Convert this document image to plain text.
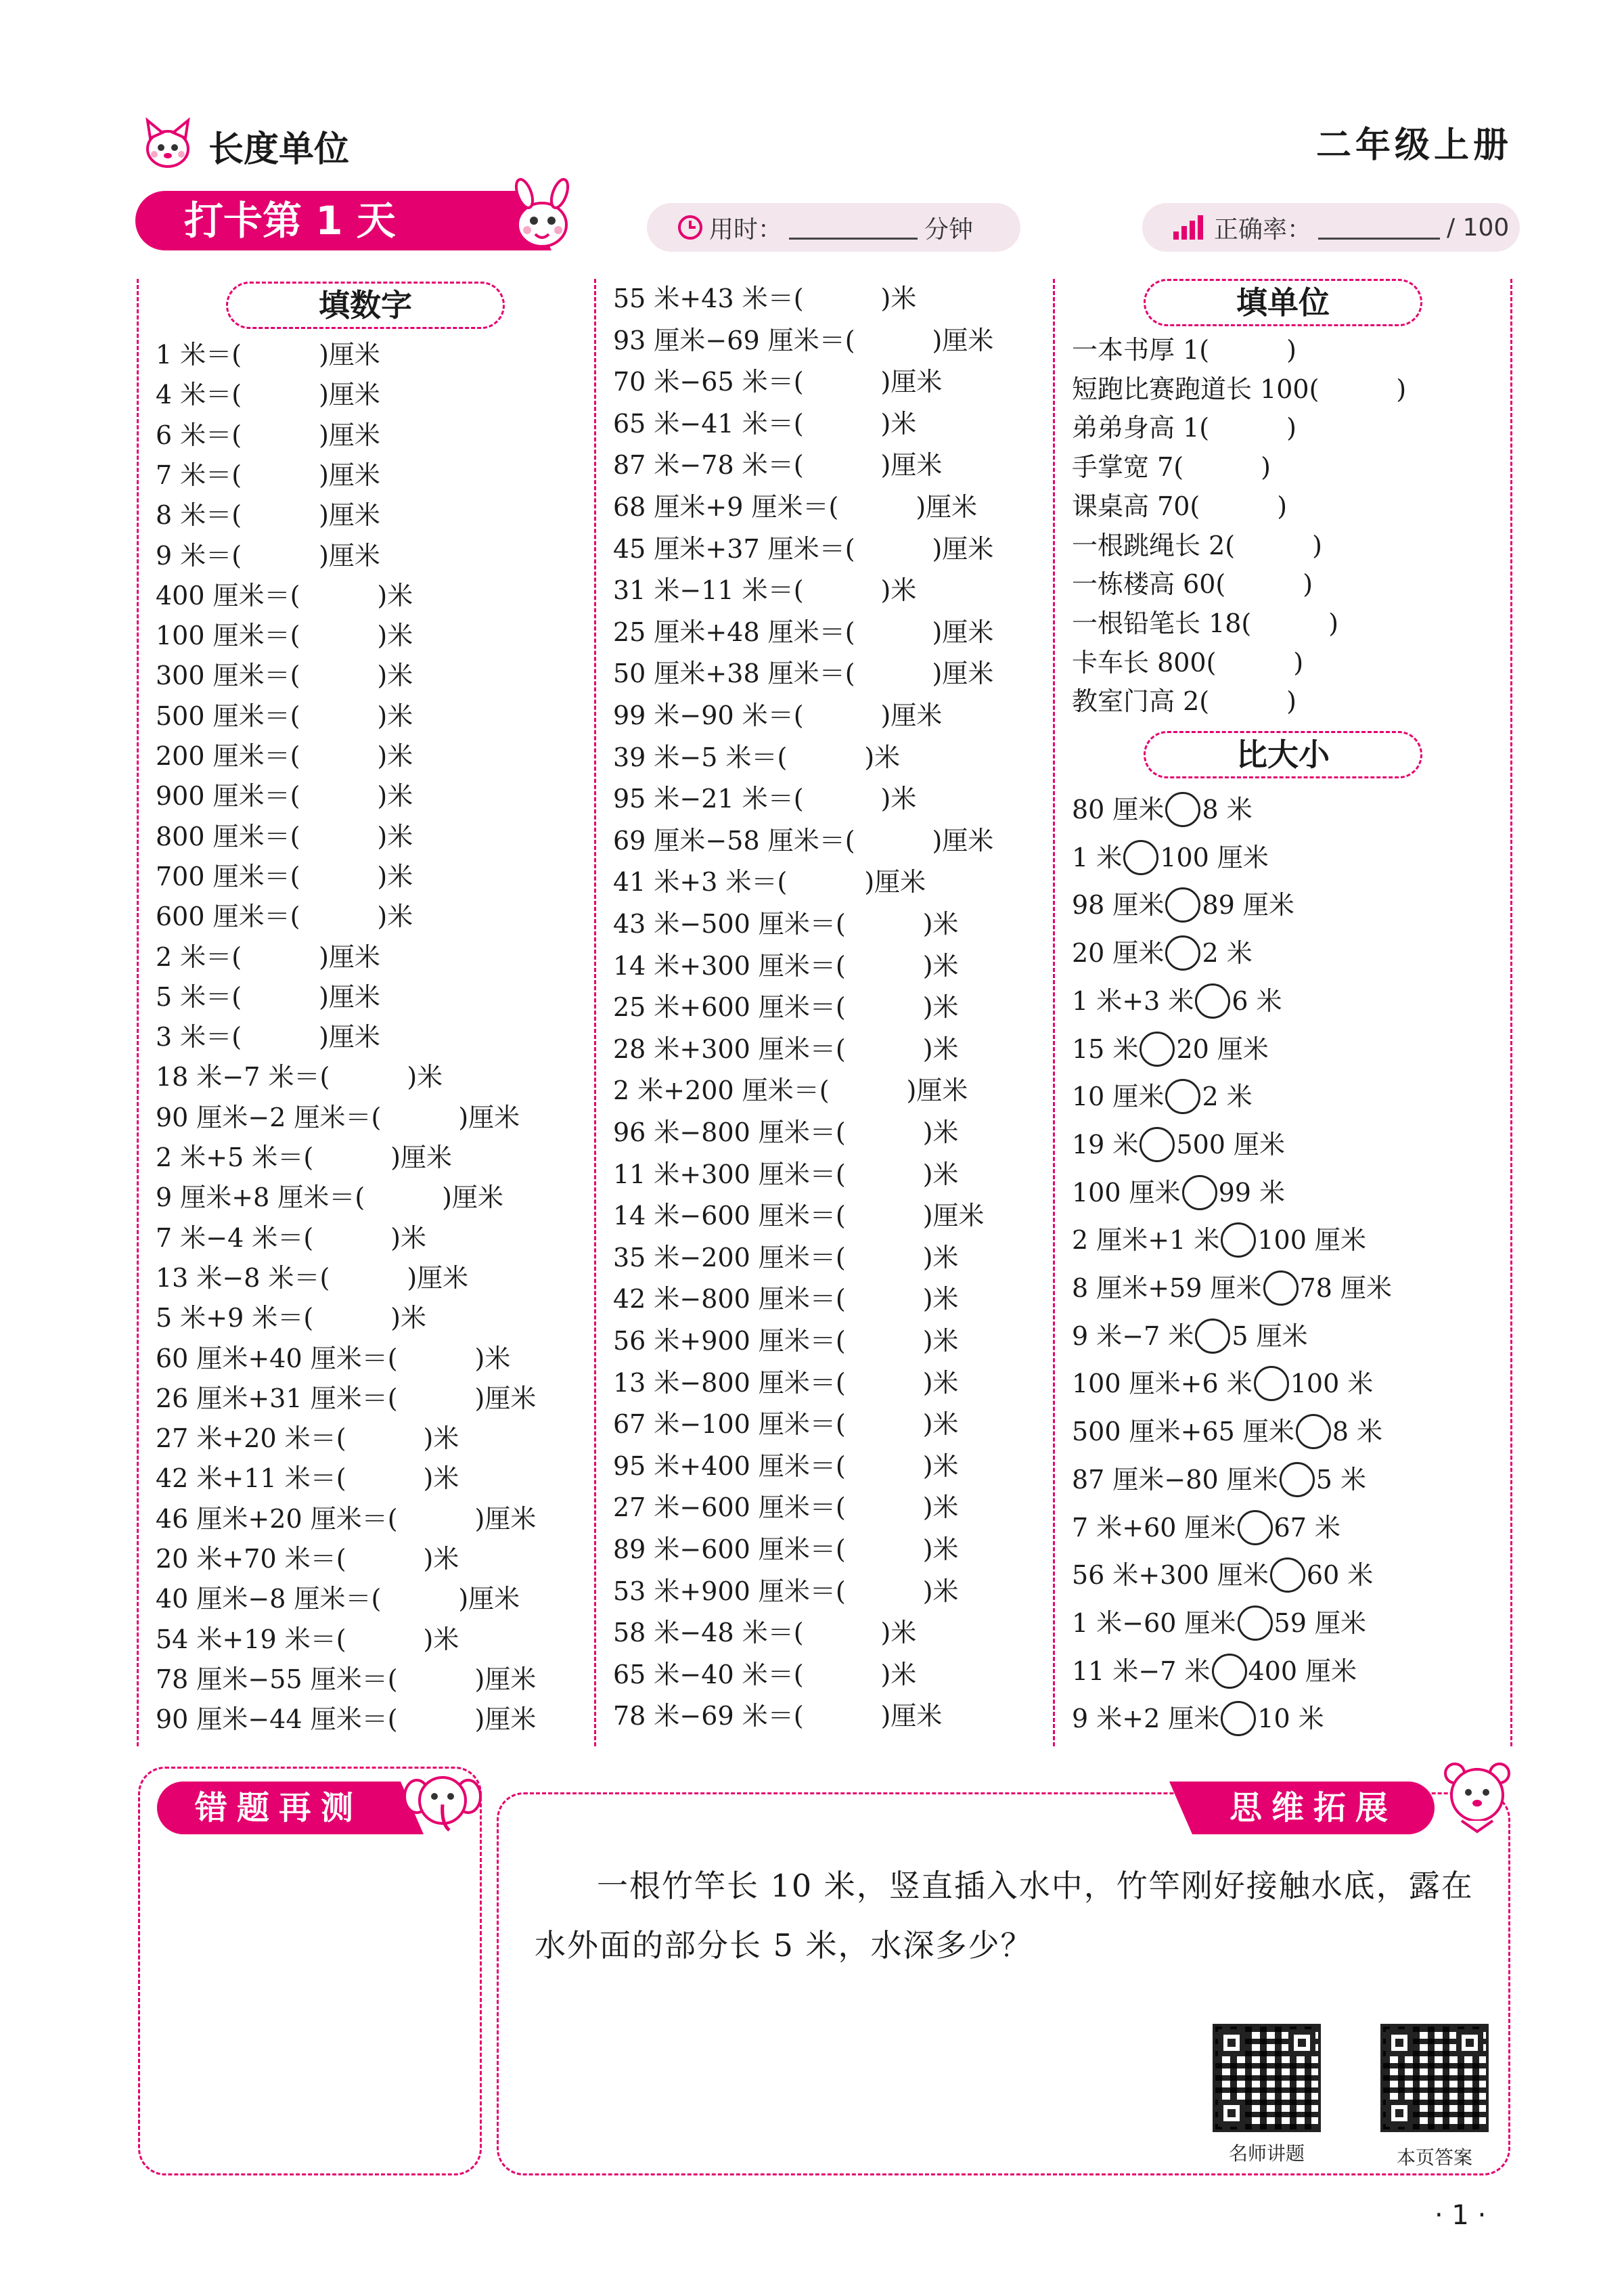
长度单位	二年级上册
打卡第 1 天	用时：	分钟	正确率：	/ 100
填数字
1 米＝(　　　)厘米
4 米＝(　　　)厘米
6 米＝(　　　)厘米
7 米＝(　　　)厘米
8 米＝(　　　)厘米
9 米＝(　　　)厘米
400 厘米＝(　　　)米
100 厘米＝(　　　)米
300 厘米＝(　　　)米
500 厘米＝(　　　)米
200 厘米＝(　　　)米
900 厘米＝(　　　)米
800 厘米＝(　　　)米
700 厘米＝(　　　)米
600 厘米＝(　　　)米
2 米＝(　　　)厘米
5 米＝(　　　)厘米
3 米＝(　　　)厘米
18 米−7 米＝(　　　)米
90 厘米−2 厘米＝(　　　)厘米
2 米+5 米＝(　　　)厘米
9 厘米+8 厘米＝(　　　)厘米
7 米−4 米＝(　　　)米
13 米−8 米＝(　　　)厘米
5 米+9 米＝(　　　)米
60 厘米+40 厘米＝(　　　)米
26 厘米+31 厘米＝(　　　)厘米
27 米+20 米＝(　　　)米
42 米+11 米＝(　　　)米
46 厘米+20 厘米＝(　　　)厘米
20 米+70 米＝(　　　)米
40 厘米−8 厘米＝(　　　)厘米
54 米+19 米＝(　　　)米
78 厘米−55 厘米＝(　　　)厘米
90 厘米−44 厘米＝(　　　)厘米
55 米+43 米＝(　　　)米
93 厘米−69 厘米＝(　　　)厘米
70 米−65 米＝(　　　)厘米
65 米−41 米＝(　　　)米
87 米−78 米＝(　　　)厘米
68 厘米+9 厘米＝(　　　)厘米
45 厘米+37 厘米＝(　　　)厘米
31 米−11 米＝(　　　)米
25 厘米+48 厘米＝(　　　)厘米
50 厘米+38 厘米＝(　　　)厘米
99 米−90 米＝(　　　)厘米
39 米−5 米＝(　　　)米
95 米−21 米＝(　　　)米
69 厘米−58 厘米＝(　　　)厘米
41 米+3 米＝(　　　)厘米
43 米−500 厘米＝(　　　)米
14 米+300 厘米＝(　　　)米
25 米+600 厘米＝(　　　)米
28 米+300 厘米＝(　　　)米
2 米+200 厘米＝(　　　)厘米
96 米−800 厘米＝(　　　)米
11 米+300 厘米＝(　　　)米
14 米−600 厘米＝(　　　)厘米
35 米−200 厘米＝(　　　)米
42 米−800 厘米＝(　　　)米
56 米+900 厘米＝(　　　)米
13 米−800 厘米＝(　　　)米
67 米−100 厘米＝(　　　)米
95 米+400 厘米＝(　　　)米
27 米−600 厘米＝(　　　)米
89 米−600 厘米＝(　　　)米
53 米+900 厘米＝(　　　)米
58 米−48 米＝(　　　)米
65 米−40 米＝(　　　)米
78 米−69 米＝(　　　)厘米
填单位
一本书厚 1(　　　)
短跑比赛跑道长 100(　　　)
弟弟身高 1(　　　)
手掌宽 7(　　　)
课桌高 70(　　　)
一根跳绳长 2(　　　)
一栋楼高 60(　　　)
一根铅笔长 18(　　　)
卡车长 800(　　　)
教室门高 2(　　　)
比大小
80 厘米 8 米
1 米 100 厘米
98 厘米 89 厘米
20 厘米 2 米
1 米+3 米 6 米
15 米 20 厘米
10 厘米 2 米
19 米 500 厘米
100 厘米 99 米
2 厘米+1 米 100 厘米
8 厘米+59 厘米 78 厘米
9 米−7 米 5 厘米
100 厘米+6 米 100 米
500 厘米+65 厘米 8 米
87 厘米−80 厘米 5 米
7 米+60 厘米 67 米
56 米+300 厘米 60 米
1 米−60 厘米 59 厘米
11 米−7 米 400 厘米
9 米+2 厘米 10 米
错题再测	思维拓展

一根竹竿长 10 米，竖直插入水中，竹竿刚好接触水底，露在水外面的部分长 5 米，水深多少？

名师讲题	本页答案
· 1 ·
